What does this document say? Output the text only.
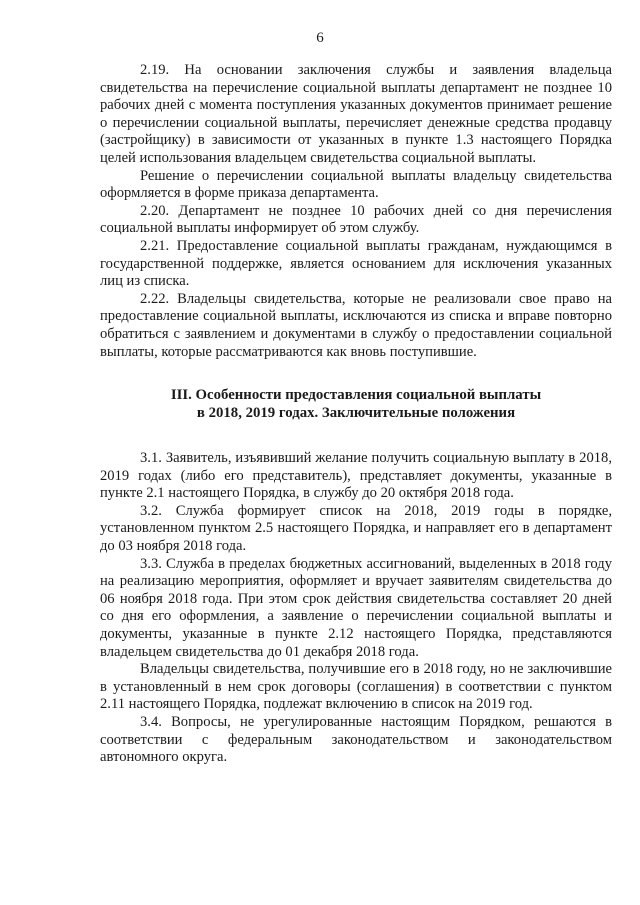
6

2.19. На основании заключения службы и заявления владельца свидетельства на перечисление социальной выплаты департамент не позднее 10 рабочих дней с момента поступления указанных документов принимает решение о перечислении социальной выплаты, перечисляет денежные средства продавцу (застройщику) в зависимости от указанных в пункте 1.3 настоящего Порядка целей использования владельцем свидетельства социальной выплаты.

Решение о перечислении социальной выплаты владельцу свидетельства оформляется в форме приказа департамента.

2.20. Департамент не позднее 10 рабочих дней со дня перечисления социальной выплаты информирует об этом службу.

2.21. Предоставление социальной выплаты гражданам, нуждающимся в государственной поддержке, является основанием для исключения указанных лиц из списка.

2.22. Владельцы свидетельства, которые не реализовали свое право на предоставление социальной выплаты, исключаются из списка и вправе повторно обратиться с заявлением и документами в службу о предоставлении социальной выплаты, которые рассматриваются как вновь поступившие.

III. Особенности предоставления социальной выплаты
в 2018, 2019 годах. Заключительные положения

3.1. Заявитель, изъявивший желание получить социальную выплату в 2018, 2019 годах (либо его представитель), представляет документы, указанные в пункте 2.1 настоящего Порядка, в службу до 20 октября 2018 года.

3.2. Служба формирует список на 2018, 2019 годы в порядке, установленном пунктом 2.5 настоящего Порядка, и направляет его в департамент до 03 ноября 2018 года.

3.3. Служба в пределах бюджетных ассигнований, выделенных в 2018 году на реализацию мероприятия, оформляет и вручает заявителям свидетельства до 06 ноября 2018 года. При этом срок действия свидетельства составляет 20 дней со дня его оформления, а заявление о перечислении социальной выплаты и документы, указанные в пункте 2.12 настоящего Порядка, представляются владельцем свидетельства до 01 декабря 2018 года.

Владельцы свидетельства, получившие его в 2018 году, но не заключившие в установленный в нем срок договоры (соглашения) в соответствии с пунктом 2.11 настоящего Порядка, подлежат включению в список на 2019 год.

3.4. Вопросы, не урегулированные настоящим Порядком, решаются в соответствии с федеральным законодательством и законодательством автономного округа.
